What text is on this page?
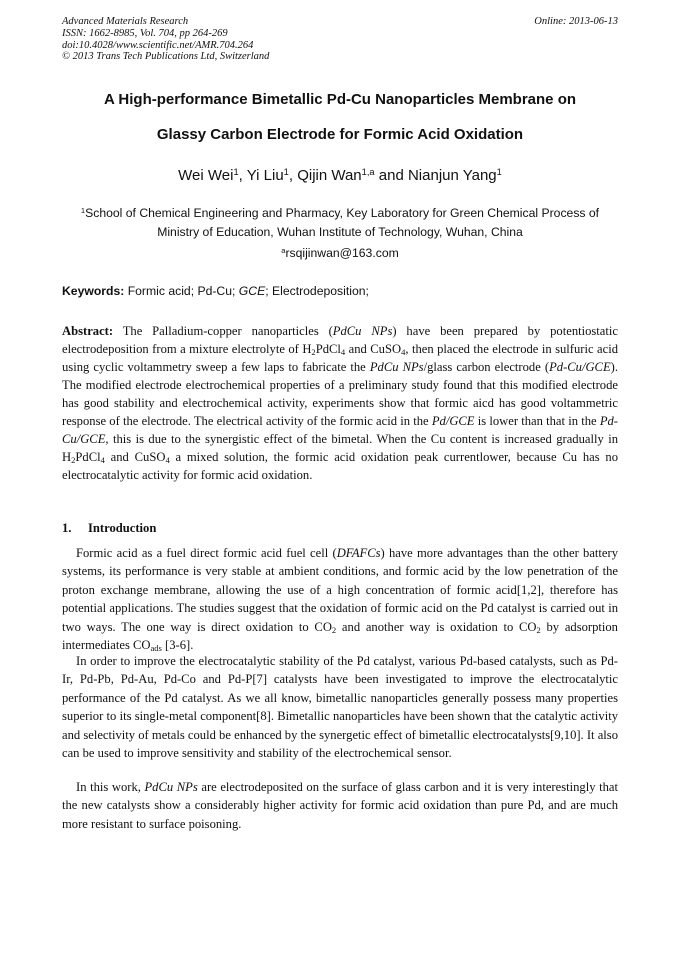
Advanced Materials Research
ISSN: 1662-8985, Vol. 704, pp 264-269
doi:10.4028/www.scientific.net/AMR.704.264
© 2013 Trans Tech Publications Ltd, Switzerland
Online: 2013-06-13
A High-performance Bimetallic Pd-Cu Nanoparticles Membrane on
Glassy Carbon Electrode for Formic Acid Oxidation
Wei Wei$^1$, Yi Liu$^1$, Qijin Wan$^{1,a}$ and Nianjun Yang$^1$
$^1$School of Chemical Engineering and Pharmacy, Key Laboratory for Green Chemical Process of Ministry of Education, Wuhan Institute of Technology, Wuhan, China
$^a$rsqijinwan@163.com
Keywords: Formic acid; Pd-Cu; GCE; Electrodeposition;
Abstract: The Palladium-copper nanoparticles (PdCu NPs) have been prepared by potentiostatic electrodeposition from a mixture electrolyte of $H_2PdCl_4$ and CuSO$_4$, then placed the electrode in sulfuric acid using cyclic voltammetry sweep a few laps to fabricate the PdCu NPs/glass carbon electrode (Pd-Cu/GCE). The modified electrode electrochemical properties of a preliminary study found that this modified electrode has good stability and electrochemical activity, experiments show that formic aicd has good voltammetric response of the electrode. The electrical activity of the formic acid in the Pd/GCE is lower than that in the Pd-Cu/GCE, this is due to the synergistic effect of the bimetal. When the Cu content is increased gradually in $H_2PdCl_4$ and CuSO$_4$ a mixed solution, the formic acid oxidation peak currentlower, because Cu has no electrocatalytic activity for formic acid oxidation.
1. Introduction

Formic acid as a fuel direct formic acid fuel cell (DFAFCs) have more advantages than the other battery systems, its performance is very stable at ambient conditions, and formic acid by the low penetration of the proton exchange membrane, allowing the use of a high concentration of formic acid[1,2], therefore has potential applications. The studies suggest that the oxidation of formic acid on the Pd catalyst is carried out in two ways. The one way is direct oxidation to $CO_2$ and another way is oxidation to $CO_2$ by adsorption intermediates $CO_{ads}$ [3-6].

In order to improve the electrocatalytic stability of the Pd catalyst, various Pd-based catalysts, such as Pd-Ir, Pd-Pb, Pd-Au, Pd-Co and Pd-P[7] catalysts have been investigated to improve the electrocatalytic performance of the Pd catalyst. As we all know, bimetallic nanoparticles generally possess many properties superior to its single-metal component[8]. Bimetallic nanoparticles have been shown that the catalytic activity and selectivity of metals could be enhanced by the synergetic effect of bimetallic electrocatalysts[9,10]. It also can be used to improve sensitivity and stability of the electrochemical sensor.

In this work, PdCu NPs are electrodeposited on the surface of glass carbon and it is very interestingly that the new catalysts show a considerably higher activity for formic acid oxidation than pure Pd, and are much more resistant to surface poisoning.
